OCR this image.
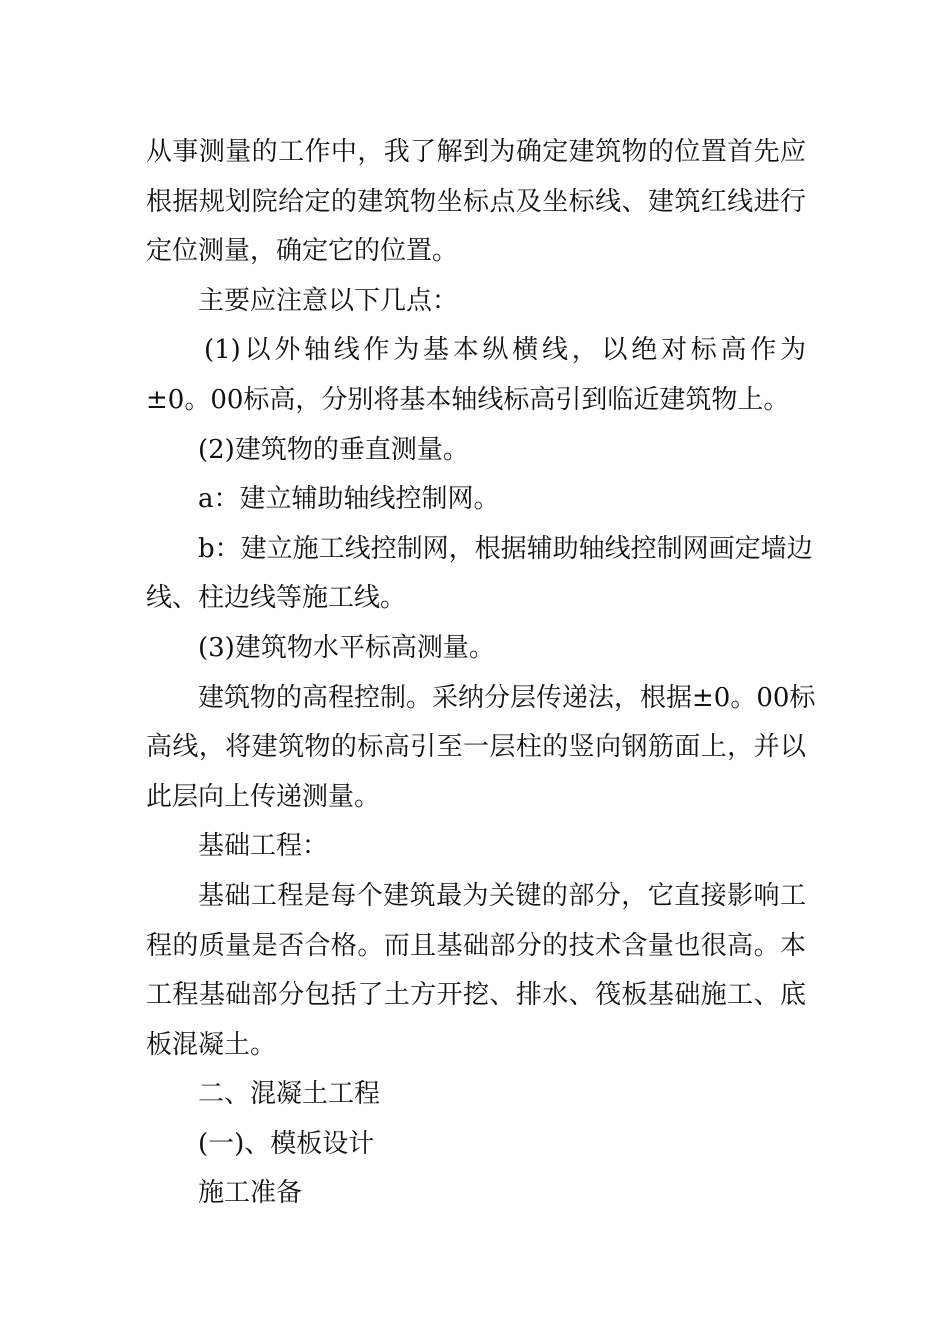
从事测量的工作中，我了解到为确定建筑物的位置首先应
根据规划院给定的建筑物坐标点及坐标线、建筑红线进行
定位测量，确定它的位置。
主要应注意以下几点：
(1)以外轴线作为基本纵横线，以绝对标高作为
±0。00标高，分别将基本轴线标高引到临近建筑物上。
(2)建筑物的垂直测量。
a：建立辅助轴线控制网。
b：建立施工线控制网，根据辅助轴线控制网画定墙边
线、柱边线等施工线。
(3)建筑物水平标高测量。
建筑物的高程控制。采纳分层传递法，根据±0。00标
高线，将建筑物的标高引至一层柱的竖向钢筋面上，并以
此层向上传递测量。
基础工程：
基础工程是每个建筑最为关键的部分，它直接影响工
程的质量是否合格。而且基础部分的技术含量也很高。本
工程基础部分包括了土方开挖、排水、筏板基础施工、底
板混凝土。
二、混凝土工程
(一)、模板设计
施工准备
